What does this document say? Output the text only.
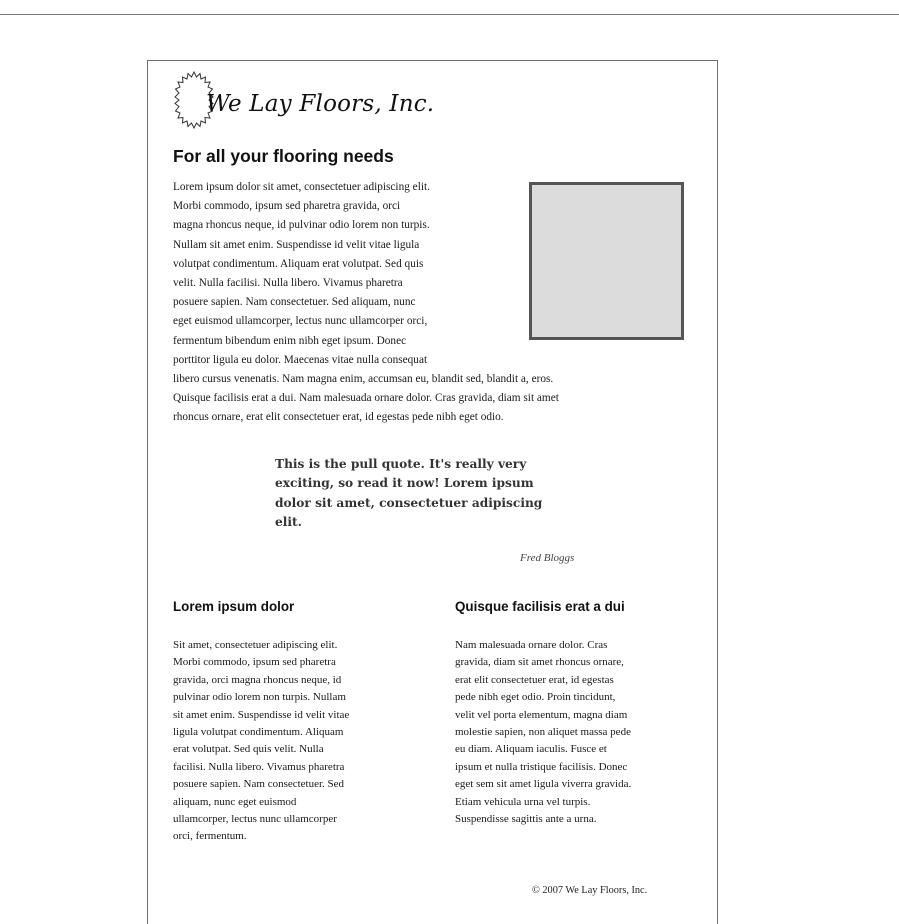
We Lay Floors, Inc.
For all your flooring needs

Lorem ipsum dolor sit amet, consectetuer adipiscing elit.
Morbi commodo, ipsum sed pharetra gravida, orci
magna rhoncus neque, id pulvinar odio lorem non turpis.
Nullam sit amet enim. Suspendisse id velit vitae ligula
volutpat condimentum. Aliquam erat volutpat. Sed quis
velit. Nulla facilisi. Nulla libero. Vivamus pharetra
posuere sapien. Nam consectetuer. Sed aliquam, nunc
eget euismod ullamcorper, lectus nunc ullamcorper orci,
fermentum bibendum enim nibh eget ipsum. Donec
porttitor ligula eu dolor. Maecenas vitae nulla consequat
libero cursus venenatis. Nam magna enim, accumsan eu, blandit sed, blandit a, eros.
Quisque facilisis erat a dui. Nam malesuada ornare dolor. Cras gravida, diam sit amet
rhoncus ornare, erat elit consectetuer erat, id egestas pede nibh eget odio.

This is the pull quote. It's really very
exciting, so read it now! Lorem ipsum
dolor sit amet, consectetuer adipiscing
elit.
Fred Bloggs
Lorem ipsum dolor

Sit amet, consectetuer adipiscing elit.
Morbi commodo, ipsum sed pharetra
gravida, orci magna rhoncus neque, id
pulvinar odio lorem non turpis. Nullam
sit amet enim. Suspendisse id velit vitae
ligula volutpat condimentum. Aliquam
erat volutpat. Sed quis velit. Nulla
facilisi. Nulla libero. Vivamus pharetra
posuere sapien. Nam consectetuer. Sed
aliquam, nunc eget euismod
ullamcorper, lectus nunc ullamcorper
orci, fermentum.

Quisque facilisis erat a dui

Nam malesuada ornare dolor. Cras
gravida, diam sit amet rhoncus ornare,
erat elit consectetuer erat, id egestas
pede nibh eget odio. Proin tincidunt,
velit vel porta elementum, magna diam
molestie sapien, non aliquet massa pede
eu diam. Aliquam iaculis. Fusce et
ipsum et nulla tristique facilisis. Donec
eget sem sit amet ligula viverra gravida.
Etiam vehicula urna vel turpis.
Suspendisse sagittis ante a urna.

© 2007 We Lay Floors, Inc.
